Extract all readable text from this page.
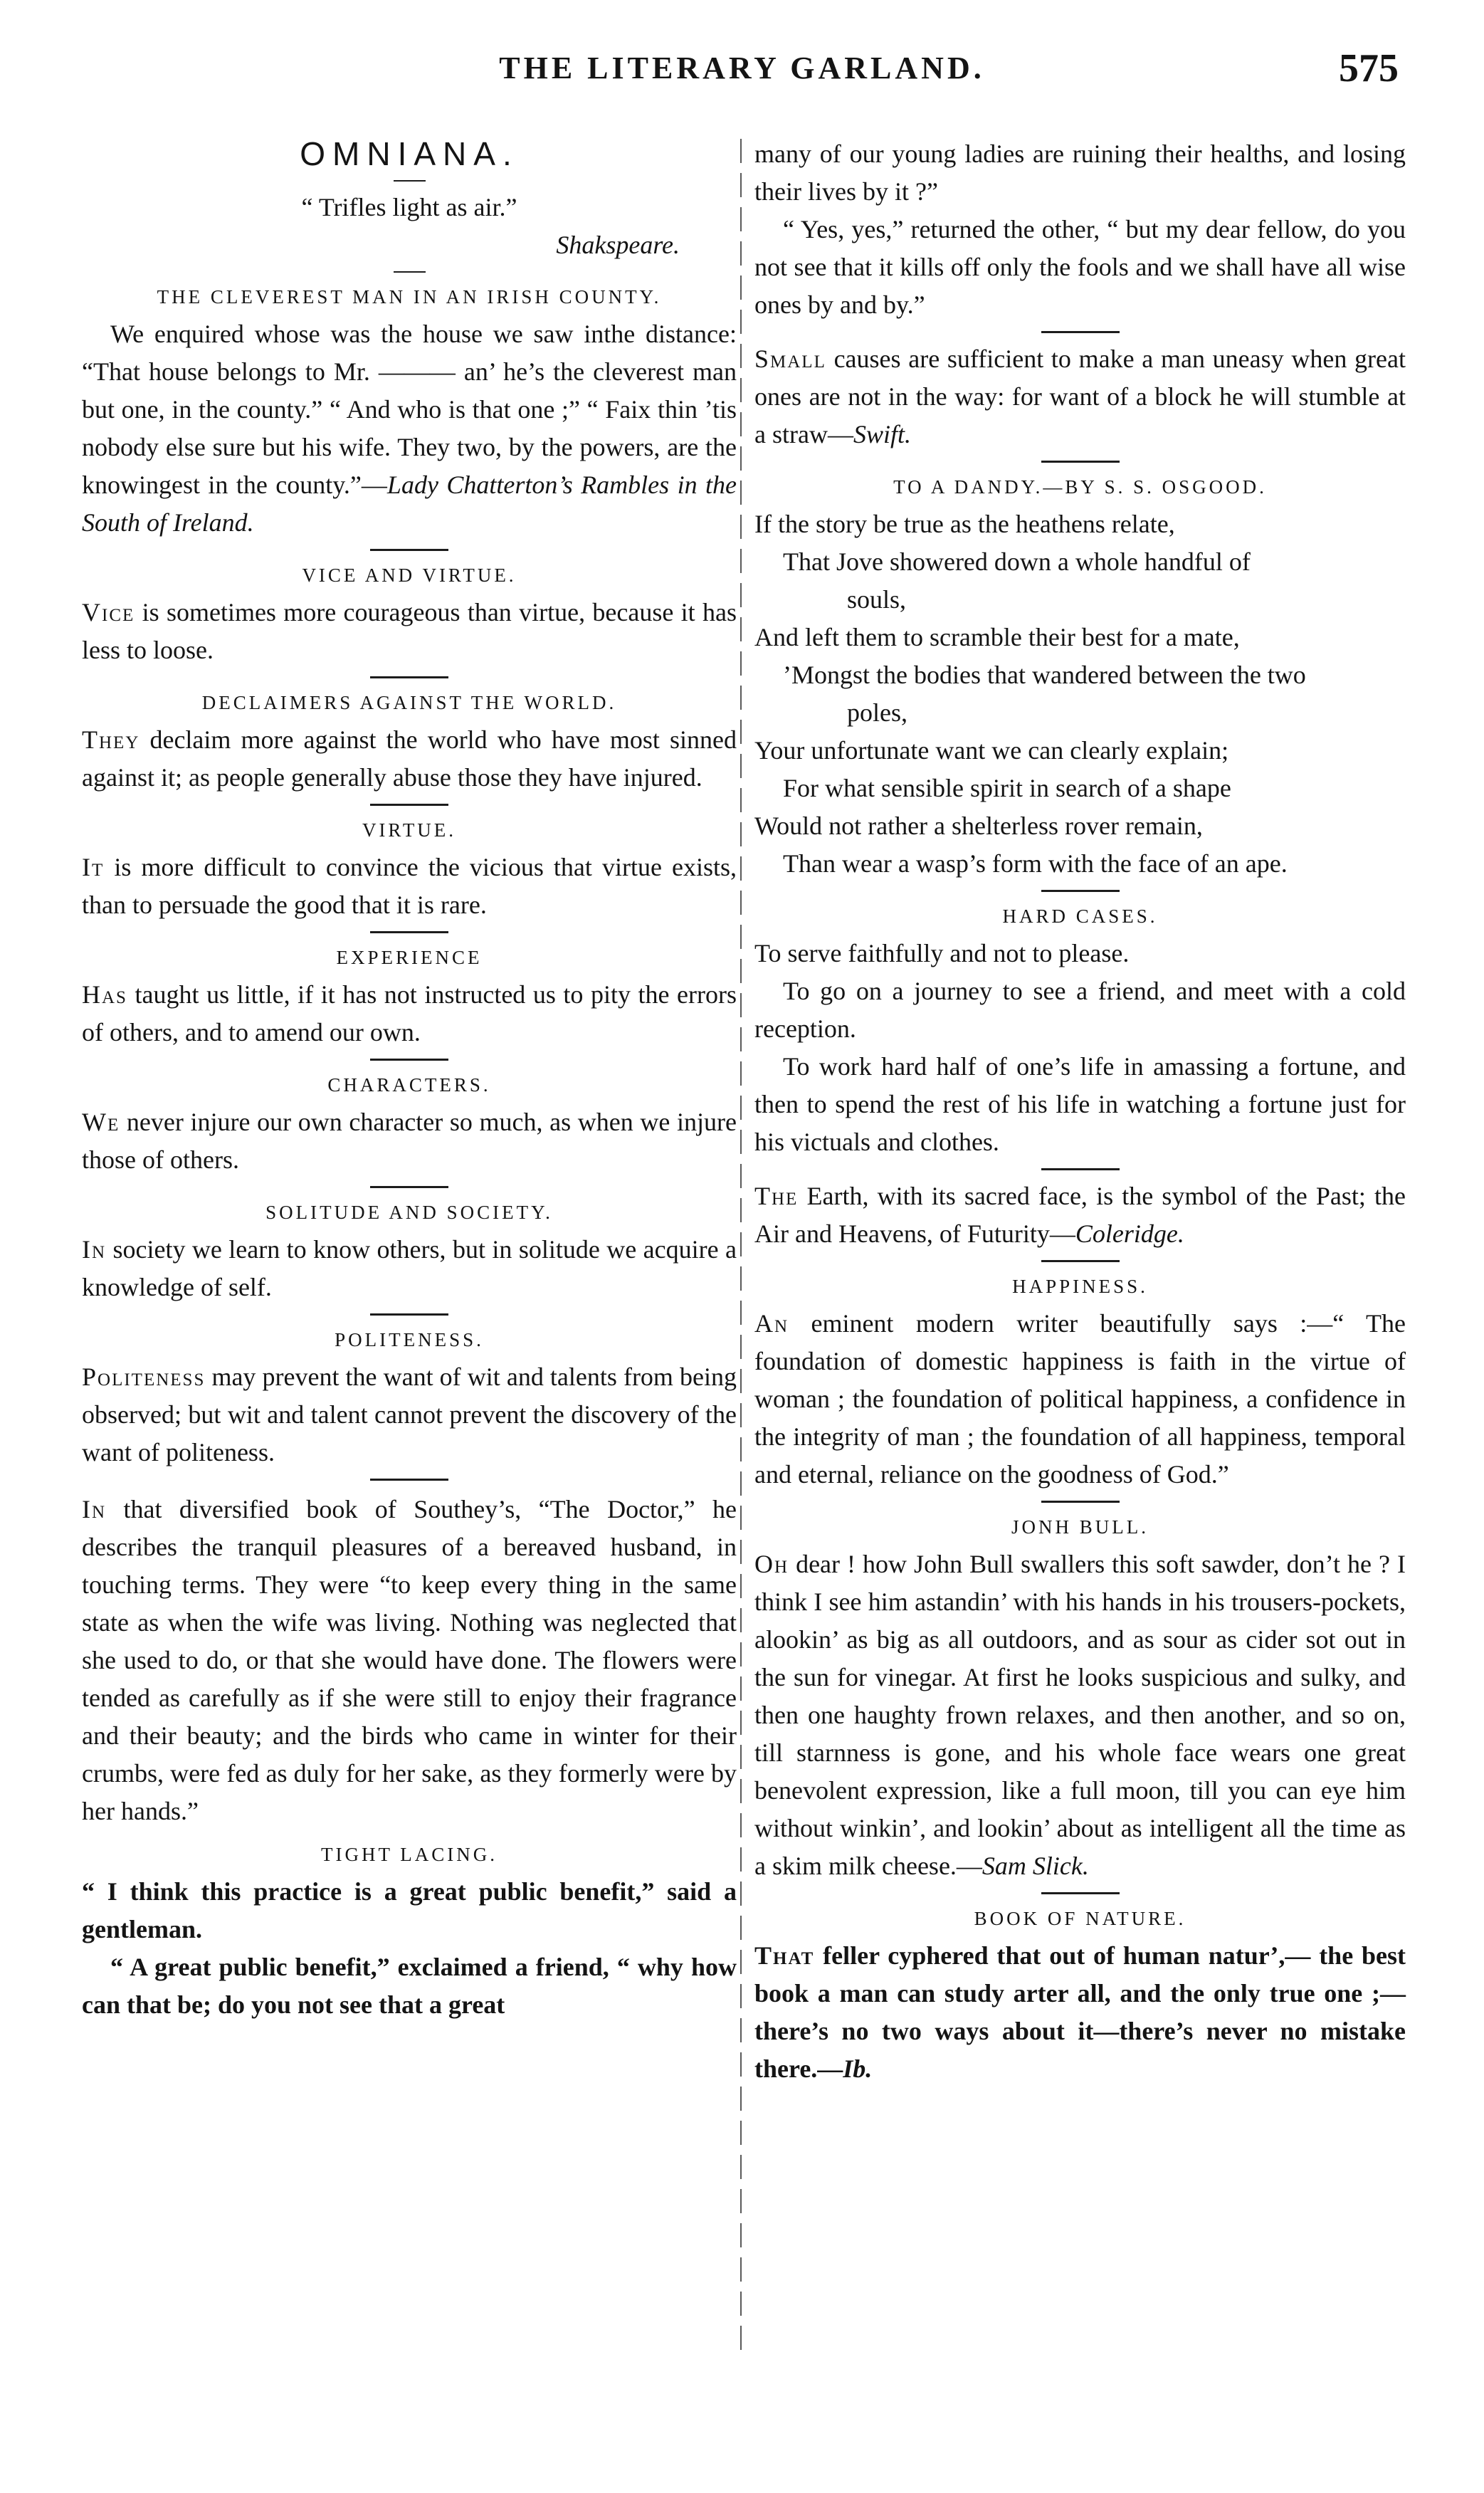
THE LITERARY GARLAND.	575
OMNIANA.

“ Trifles light as air.”

Shakspeare.

THE CLEVEREST MAN IN AN IRISH COUNTY.

We enquired whose was the house we saw inthe distance: “That house belongs to Mr. ——— an’ he’s the cleverest man but one, in the county.” “ And who is that one ;” “ Faix thin ’tis nobody else sure but his wife. They two, by the powers, are the knowingest in the county.”—Lady Chatterton’s Rambles in the South of Ireland.

VICE AND VIRTUE.

Vice is sometimes more courageous than virtue, because it has less to loose.

DECLAIMERS AGAINST THE WORLD.

They declaim more against the world who have most sinned against it; as people generally abuse those they have injured.

VIRTUE.

It is more difficult to convince the vicious that virtue exists, than to persuade the good that it is rare.

EXPERIENCE

Has taught us little, if it has not instructed us to pity the errors of others, and to amend our own.

CHARACTERS.

We never injure our own character so much, as when we injure those of others.

SOLITUDE AND SOCIETY.

In society we learn to know others, but in solitude we acquire a knowledge of self.

POLITENESS.

Politeness may prevent the want of wit and talents from being observed; but wit and talent cannot prevent the discovery of the want of politeness.

In that diversified book of Southey’s, “The Doctor,” he describes the tranquil pleasures of a bereaved husband, in touching terms. They were “to keep every thing in the same state as when the wife was living. Nothing was neglected that she used to do, or that she would have done. The flowers were tended as carefully as if she were still to enjoy their fragrance and their beauty; and the birds who came in winter for their crumbs, were fed as duly for her sake, as they formerly were by her hands.”

TIGHT LACING.

“ I think this practice is a great public benefit,” said a gentleman.

“ A great public benefit,” exclaimed a friend, “ why how can that be; do you not see that a great

many of our young ladies are ruining their healths, and losing their lives by it ?”

“ Yes, yes,” returned the other, “ but my dear fellow, do you not see that it kills off only the fools and we shall have all wise ones by and by.”

Small causes are sufficient to make a man uneasy when great ones are not in the way: for want of a block he will stumble at a straw—Swift.

TO A DANDY.—BY S. S. OSGOOD.

If the story be true as the heathens relate,

That Jove showered down a whole handful of

souls,

And left them to scramble their best for a mate,

’Mongst the bodies that wandered between the two

poles,

Your unfortunate want we can clearly explain;

For what sensible spirit in search of a shape

Would not rather a shelterless rover remain,

Than wear a wasp’s form with the face of an ape.

HARD CASES.

To serve faithfully and not to please.

To go on a journey to see a friend, and meet with a cold reception.

To work hard half of one’s life in amassing a fortune, and then to spend the rest of his life in watching a fortune just for his victuals and clothes.

The Earth, with its sacred face, is the symbol of the Past; the Air and Heavens, of Futurity—Coleridge.

HAPPINESS.

An eminent modern writer beautifully says :—“ The foundation of domestic happiness is faith in the virtue of woman ; the foundation of political happiness, a confidence in the integrity of man ; the foundation of all happiness, temporal and eternal, reliance on the goodness of God.”

JONH BULL.

Oh dear ! how John Bull swallers this soft sawder, don’t he ? I think I see him astandin’ with his hands in his trousers-pockets, alookin’ as big as all outdoors, and as sour as cider sot out in the sun for vinegar. At first he looks suspicious and sulky, and then one haughty frown relaxes, and then another, and so on, till starnness is gone, and his whole face wears one great benevolent expression, like a full moon, till you can eye him without winkin’, and lookin’ about as intelligent all the time as a skim milk cheese.—Sam Slick.

BOOK OF NATURE.

That feller cyphered that out of human natur’,— the best book a man can study arter all, and the only true one ;—there’s no two ways about it—there’s never no mistake there.—Ib.
